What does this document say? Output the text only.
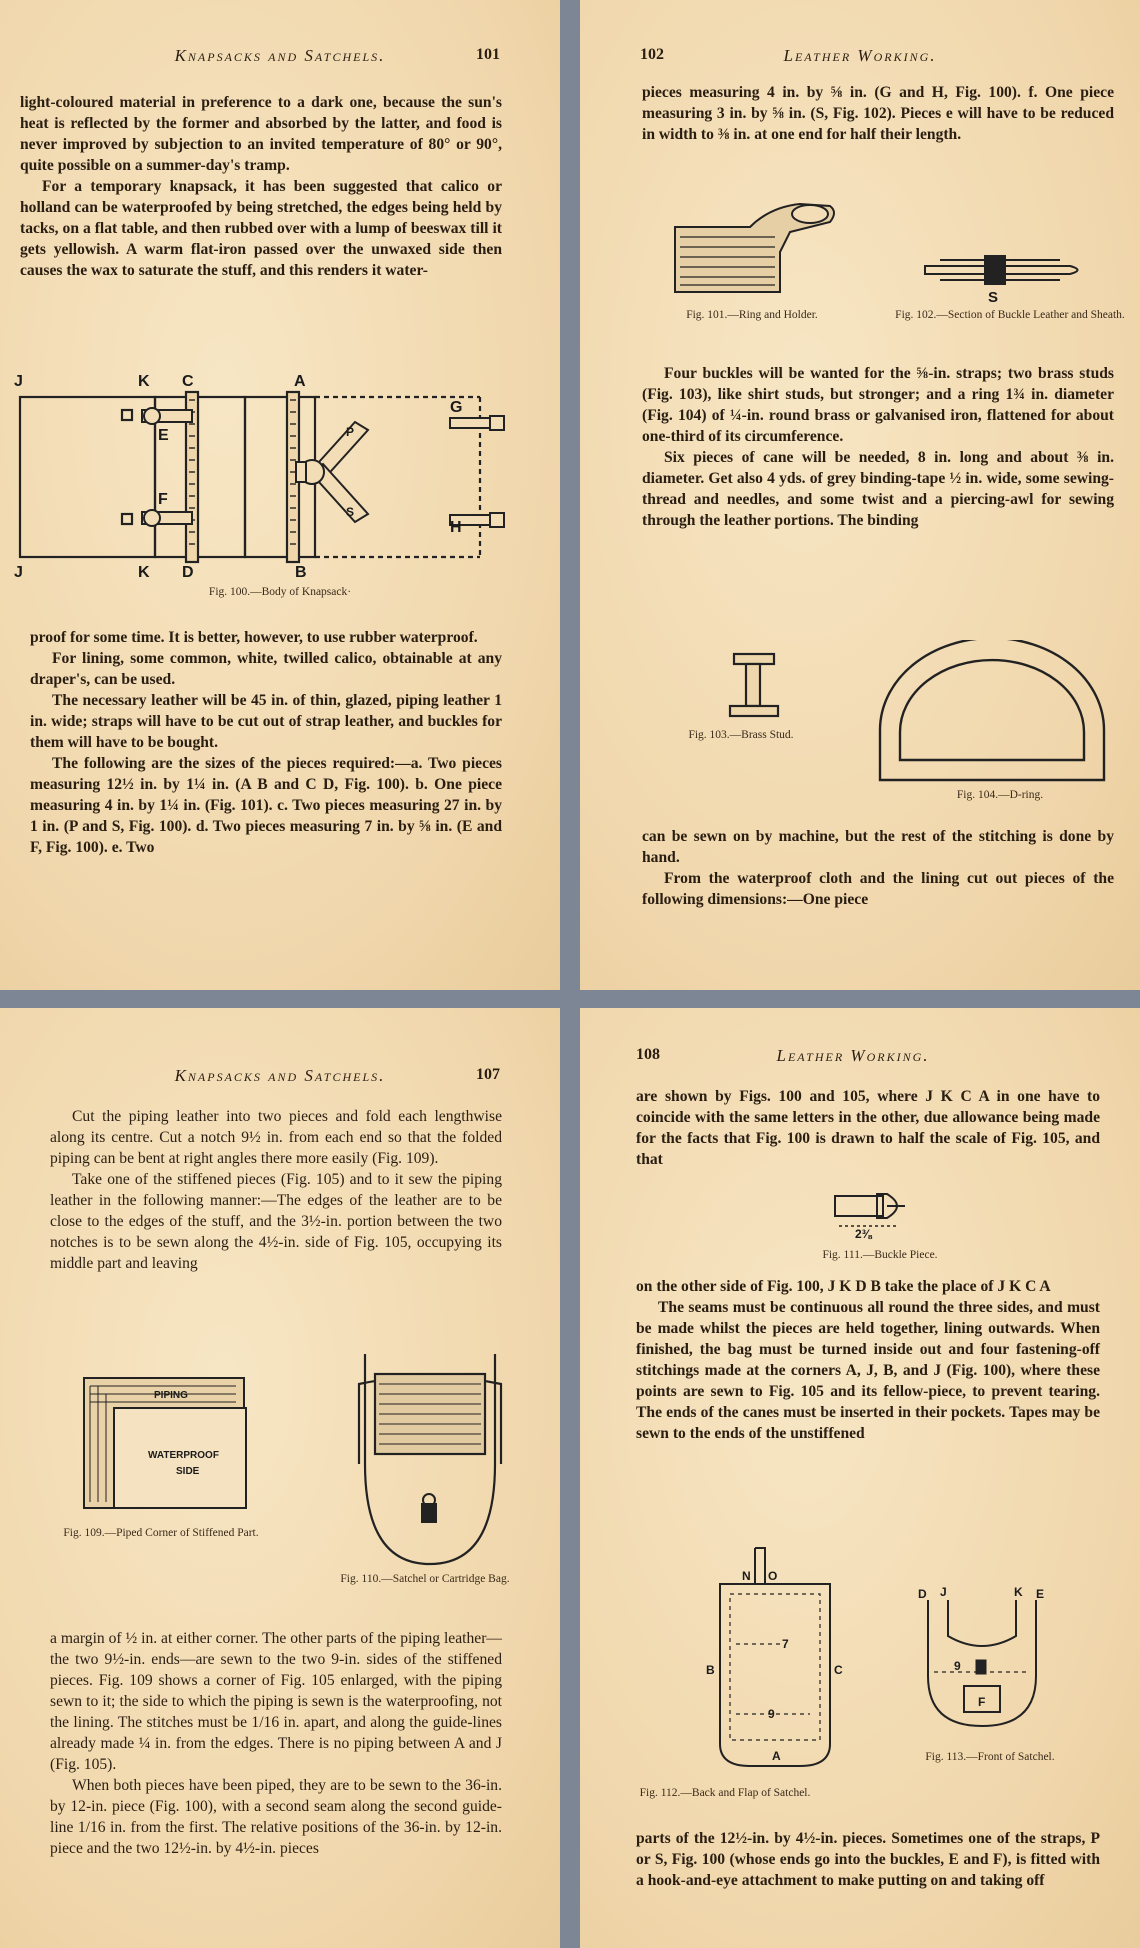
Knapsacks and Satchels.	101

light-coloured material in preference to a dark one, because the sun's heat is reflected by the former and absorbed by the latter, and food is never improved by subjection to an invited temperature of 80° or 90°, quite possible on a summer-day's tramp.

For a temporary knapsack, it has been suggested that calico or holland can be waterproofed by being stretched, the edges being held by tacks, on a flat table, and then rubbed over with a lump of beeswax till it gets yellowish. A warm flat-iron passed over the unwaxed side then causes the wax to saturate the stuff, and this renders it water-

J	K C	A
E
F
J	K D	B
G
H
P
S
Fig. 100.—Body of Knapsack·

proof for some time. It is better, however, to use rubber waterproof.

For lining, some common, white, twilled calico, obtainable at any draper's, can be used.

The necessary leather will be 45 in. of thin, glazed, piping leather 1 in. wide; straps will have to be cut out of strap leather, and buckles for them will have to be bought.

The following are the sizes of the pieces required:—a. Two pieces measuring 12½ in. by 1¼ in. (A B and C D, Fig. 100). b. One piece measuring 4 in. by 1¼ in. (Fig. 101). c. Two pieces measuring 27 in. by 1 in. (P and S, Fig. 100). d. Two pieces measuring 7 in. by ⅝ in. (E and F, Fig. 100). e. Two

102	Leather Working.

pieces measuring 4 in. by ⅝ in. (G and H, Fig. 100). f. One piece measuring 3 in. by ⅝ in. (S, Fig. 102). Pieces e will have to be reduced in width to ⅜ in. at one end for half their length.

Fig. 101.—Ring and Holder.
S
Fig. 102.—Section of Buckle Leather and Sheath.

Four buckles will be wanted for the ⅝-in. straps; two brass studs (Fig. 103), like shirt studs, but stronger; and a ring 1¾ in. diameter (Fig. 104) of ¼-in. round brass or galvanised iron, flattened for about one-third of its circumference.

Six pieces of cane will be needed, 8 in. long and about ⅜ in. diameter. Get also 4 yds. of grey binding-tape ½ in. wide, some sewing-thread and needles, and some twist and a piercing-awl for sewing through the leather portions. The binding

Fig. 103.—Brass Stud.
Fig. 104.—D-ring.

can be sewn on by machine, but the rest of the stitching is done by hand.

From the waterproof cloth and the lining cut out pieces of the following dimensions:—One piece

Knapsacks and Satchels.	107

Cut the piping leather into two pieces and fold each lengthwise along its centre. Cut a notch 9½ in. from each end so that the folded piping can be bent at right angles there more easily (Fig. 109).

Take one of the stiffened pieces (Fig. 105) and to it sew the piping leather in the following manner:—The edges of the leather are to be close to the edges of the stuff, and the 3½-in. portion between the two notches is to be sewn along the 4½-in. side of Fig. 105, occupying its middle part and leaving

PIPING
WATERPROOF
SIDE
Fig. 109.—Piped Corner of Stiffened Part.
Fig. 110.—Satchel or Cartridge Bag.

a margin of ½ in. at either corner. The other parts of the piping leather—the two 9½-in. ends—are sewn to the two 9-in. sides of the stiffened pieces. Fig. 109 shows a corner of Fig. 105 enlarged, with the piping sewn to it; the side to which the piping is sewn is the waterproofing, not the lining. The stitches must be 1/16 in. apart, and along the guide-lines already made ¼ in. from the edges. There is no piping between A and J (Fig. 105).

When both pieces have been piped, they are to be sewn to the 36-in. by 12-in. piece (Fig. 100), with a second seam along the second guide-line 1/16 in. from the first. The relative positions of the 36-in. by 12-in. piece and the two 12½-in. by 4½-in. pieces

108	Leather Working.

are shown by Figs. 100 and 105, where J K C A in one have to coincide with the same letters in the other, due allowance being made for the facts that Fig. 100 is drawn to half the scale of Fig. 105, and that

2⅜
Fig. 111.—Buckle Piece.

on the other side of Fig. 100, J K D B take the place of J K C A

The seams must be continuous all round the three sides, and must be made whilst the pieces are held together, lining outwards. When finished, the bag must be turned inside out and four fastening-off stitchings made at the corners A, J, B, and J (Fig. 100), where these points are sewn to Fig. 105 and its fellow-piece, to prevent tearing. The ends of the canes must be inserted in their pockets. Tapes may be sewn to the ends of the unstiffened

N O
B	C
A
7
9
Fig. 112.—Back and Flap of Satchel.
D J	K E
F
9
Fig. 113.—Front of Satchel.

parts of the 12½-in. by 4½-in. pieces. Sometimes one of the straps, P or S, Fig. 100 (whose ends go into the buckles, E and F), is fitted with a hook-and-eye attachment to make putting on and taking off
